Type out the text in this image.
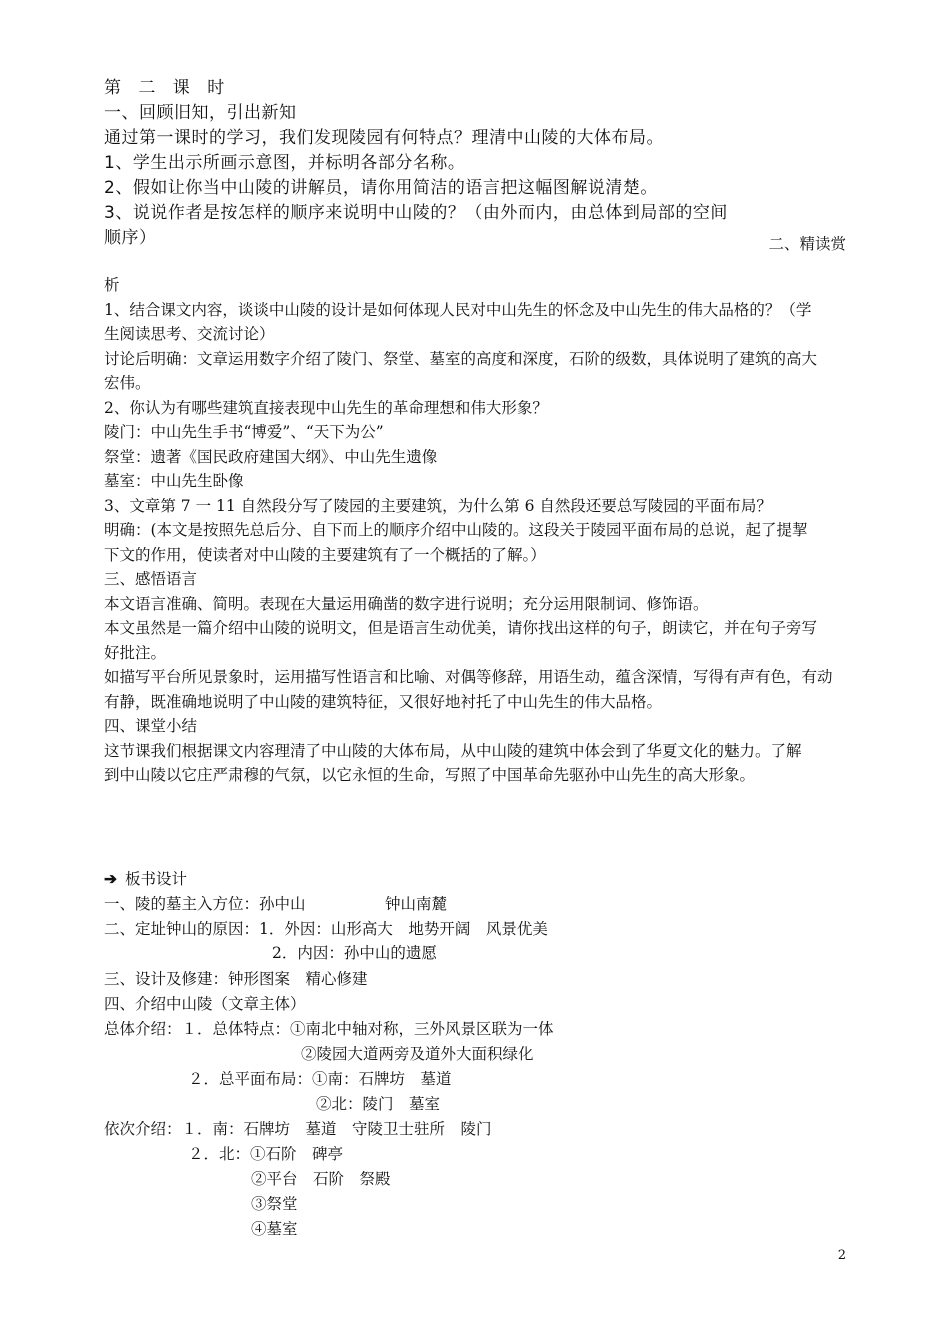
第 二 课 时
一、回顾旧知，引出新知
通过第一课时的学习，我们发现陵园有何特点？理清中山陵的大体布局。
1、学生出示所画示意图，并标明各部分名称。
2、假如让你当中山陵的讲解员，请你用简洁的语言把这幅图解说清楚。
3、说说作者是按怎样的顺序来说明中山陵的？（由外而内，由总体到局部的空间
顺序）	二、精读赏
析
1、结合课文内容，谈谈中山陵的设计是如何体现人民对中山先生的怀念及中山先生的伟大品格的？（学
生阅读思考、交流讨论）
讨论后明确：文章运用数字介绍了陵门、祭堂、墓室的高度和深度，石阶的级数，具体说明了建筑的高大
宏伟。
2、你认为有哪些建筑直接表现中山先生的革命理想和伟大形象？
陵门：中山先生手书“博爱”、“天下为公”
祭堂：遗著《国民政府建国大纲》、中山先生遗像
墓室：中山先生卧像
3、文章第 7 一 11 自然段分写了陵园的主要建筑，为什么第 6 自然段还要总写陵园的平面布局？
明确：(本文是按照先总后分、自下而上的顺序介绍中山陵的。这段关于陵园平面布局的总说，起了提挈
下文的作用，使读者对中山陵的主要建筑有了一个概括的了解。）
三、感悟语言
本文语言准确、简明。表现在大量运用确凿的数字进行说明；充分运用限制词、修饰语。
本文虽然是一篇介绍中山陵的说明文，但是语言生动优美，请你找出这样的句子，朗读它，并在句子旁写
好批注。
如描写平台所见景象时，运用描写性语言和比喻、对偶等修辞，用语生动，蕴含深情，写得有声有色，有动
有静，既准确地说明了中山陵的建筑特征，又很好地衬托了中山先生的伟大品格。
四、课堂小结
这节课我们根据课文内容理清了中山陵的大体布局，从中山陵的建筑中体会到了华夏文化的魅力。了解
到中山陵以它庄严肃穆的气氛，以它永恒的生命，写照了中国革命先驱孙中山先生的高大形象。
➔ 板书设计
一、陵的墓主入方位：孙中山	钟山南麓
二、定址钟山的原因：1．外因：山形高大　地势开阔　风景优美
2．内因：孙中山的遗愿
三、设计及修建：钟形图案　精心修建
四、介绍中山陵（文章主体）
总体介绍：１．总体特点：①南北中轴对称，三外风景区联为一体
②陵园大道两旁及道外大面积绿化
２．总平面布局：①南：石牌坊　墓道
②北：陵门　墓室
依次介绍：１．南：石牌坊　墓道　守陵卫士驻所　陵门
２．北：①石阶　碑亭
②平台　石阶　祭殿
③祭堂
④墓室
2
